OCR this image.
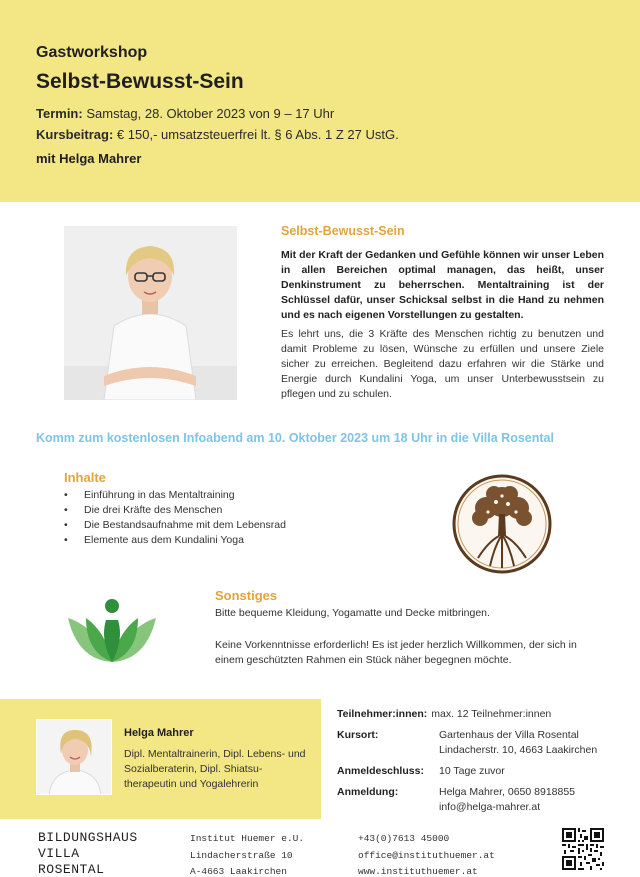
Gastworkshop
Selbst-Bewusst-Sein
Termin: Samstag, 28. Oktober 2023 von 9 – 17 Uhr
Kursbeitrag: € 150,- umsatzsteuerfrei lt. § 6 Abs. 1 Z 27 UstG.
mit Helga Mahrer
Selbst-Bewusst-Sein

Mit der Kraft der Gedanken und Gefühle können wir unser Leben in allen Bereichen optimal managen, das heißt, unser Denkinstrument zu beherrschen. Mentaltraining ist der Schlüssel dafür, unser Schicksal selbst in die Hand zu nehmen und es nach eigenen Vorstellungen zu gestalten.

Es lehrt uns, die 3 Kräfte des Menschen richtig zu benutzen und damit Probleme zu lösen, Wünsche zu erfüllen und unsere Ziele sicher zu erreichen. Begleitend dazu erfahren wir die Stärke und Energie durch Kundalini Yoga, um unser Unterbewusstsein zu pflegen und zu schulen.

Komm zum kostenlosen Infoabend am 10. Oktober 2023 um 18 Uhr in die Villa Rosental
Inhalte
• Einführung in das Mentaltraining
• Die drei Kräfte des Menschen
• Die Bestandsaufnahme mit dem Lebensrad
• Elemente aus dem Kundalini Yoga
Sonstiges

Bitte bequeme Kleidung, Yogamatte und Decke mitbringen.

Keine Vorkenntnisse erforderlich! Es ist jeder herzlich Willkommen, der sich in einem geschützten Rahmen ein Stück näher begegnen möchte.

Helga Mahrer
Dipl. Mentaltrainerin, Dipl. Lebens- und Sozialberaterin, Dipl. Shiatsu-therapeutin und Yogalehrerin
Teilnehmer:innen: max. 12 Teilnehmer:innen
Kursort:	Gartenhaus der Villa Rosental
Lindacherstr. 10, 4663 Laakirchen
Anmeldeschluss:	10 Tage zuvor
Anmeldung:	Helga Mahrer, 0650 8918855
info@helga-mahrer.at
BILDUNGSHAUS
VILLA
ROSENTAL
Institut Huemer e.U.
Lindacherstraße 10
A-4663 Laakirchen
+43(0)7613 45000
office@instituthuemer.at
www.instituthuemer.at
